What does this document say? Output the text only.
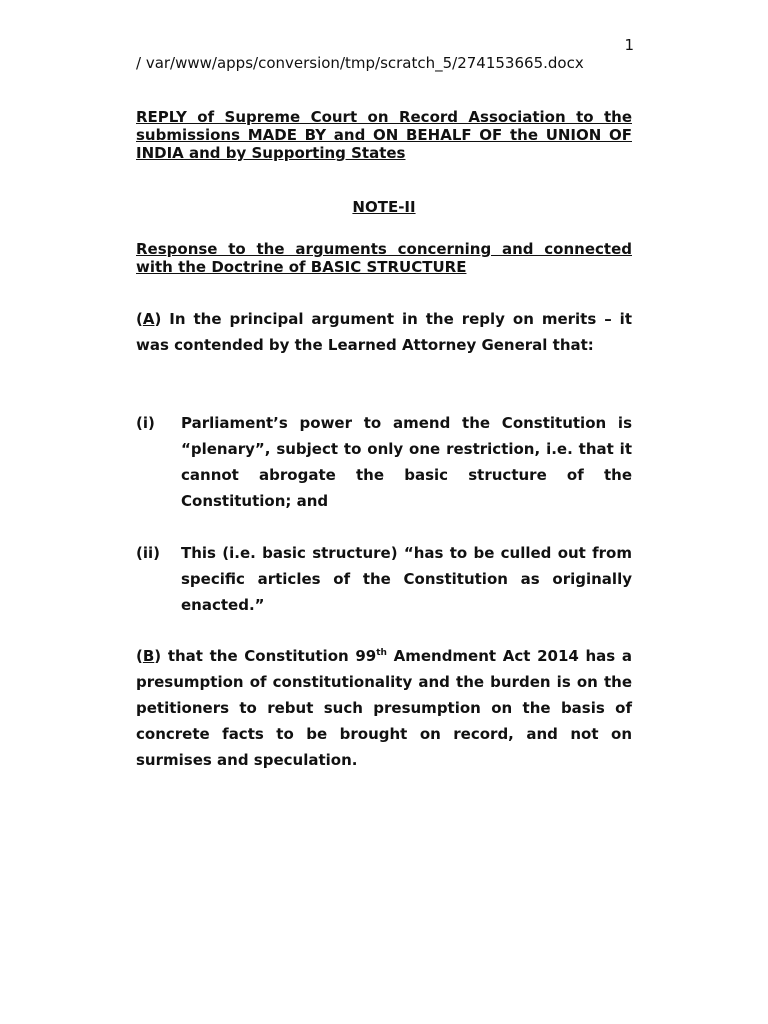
1
/ var/www/apps/conversion/tmp/scratch_5/274153665.docx
REPLY of Supreme Court on Record Association to the submissions MADE BY and ON BEHALF OF the UNION OF INDIA and by Supporting States
NOTE-II
Response to the arguments concerning and connected with the Doctrine of BASIC STRUCTURE

(A) In the principal argument in the reply on merits – it was contended by the Learned Attorney General that:

(i)	Parliament’s power to amend the Constitution is “plenary”, subject to only one restriction, i.e. that it cannot abrogate the basic structure of the Constitution; and
(ii)	This (i.e. basic structure) “has to be culled out from specific articles of the Constitution as originally enacted.”

(B) that the Constitution 99th Amendment Act 2014 has a presumption of constitutionality and the burden is on the petitioners to rebut such presumption on the basis of concrete facts to be brought on record, and not on surmises and speculation.
